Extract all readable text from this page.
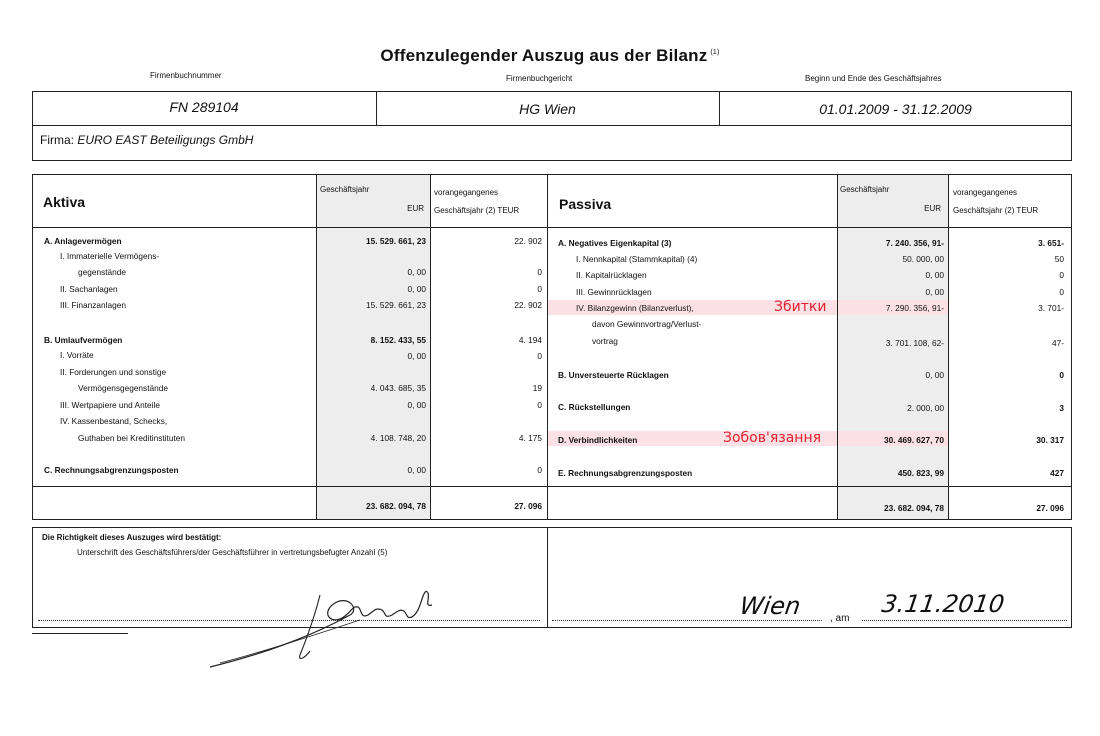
Offenzulegender Auszug aus der Bilanz $^{(1)}$
Firmenbuchnummer	Firmenbuchgericht	Beginn und Ende des Geschäftsjahres
FN 289104	HG Wien	01.01.2009 - 31.12.2009
Firma: EURO EAST Beteiligungs GmbH
Aktiva
Geschäftsjahr
EUR
vorangegangenes
Geschäftsjahr (2) TEUR	Passiva
Geschäftsjahr
EUR
vorangegangenes
Geschäftsjahr (2) TEUR
A. Anlagevermögen	15. 529. 661, 23	22. 902
I. Immaterielle Vermögens-
gegenstände	0, 00	0
II. Sachanlagen	0, 00	0
III. Finanzanlagen	15. 529. 661, 23	22. 902
B. Umlaufvermögen	8. 152. 433, 55	4. 194
I. Vorräte	0, 00	0
II. Forderungen und sonstige
Vermögensgegenstände	4. 043. 685, 35	19
III. Wertpapiere und Anteile	0, 00	0
IV. Kassenbestand, Schecks,
Guthaben bei Kreditinstituten	4. 108. 748, 20	4. 175
C. Rechnungsabgrenzungsposten	0, 00	0
A. Negatives Eigenkapital (3)	7. 240. 356, 91-	3. 651-
I. Nennkapital (Stammkapital) (4)	50. 000, 00	50
II. Kapitalrücklagen	0, 00	0
III. Gewinnrücklagen	0, 00	0
IV. Bilanzgewinn (Bilanzverlust),	7. 290. 356, 91-	3. 701-
davon Gewinnvortrag/Verlust-
vortrag	3. 701. 108, 62-	47-
B. Unversteuerte Rücklagen	0, 00	0
C. Rückstellungen	2. 000, 00	3
D. Verbindlichkeiten	30. 469. 627, 70	30. 317
E. Rechnungsabgrenzungsposten	450. 823, 99	427
Збитки
Зобов'язання
23. 682. 094, 78	27. 096	23. 682. 094, 78	27. 096
Die Richtigkeit dieses Auszuges wird bestätigt:
Unterschrift des Geschäftsführers/der Geschäftsführer in vertretungsbefugter Anzahl (5)
, am
Wien	3.11.2010
